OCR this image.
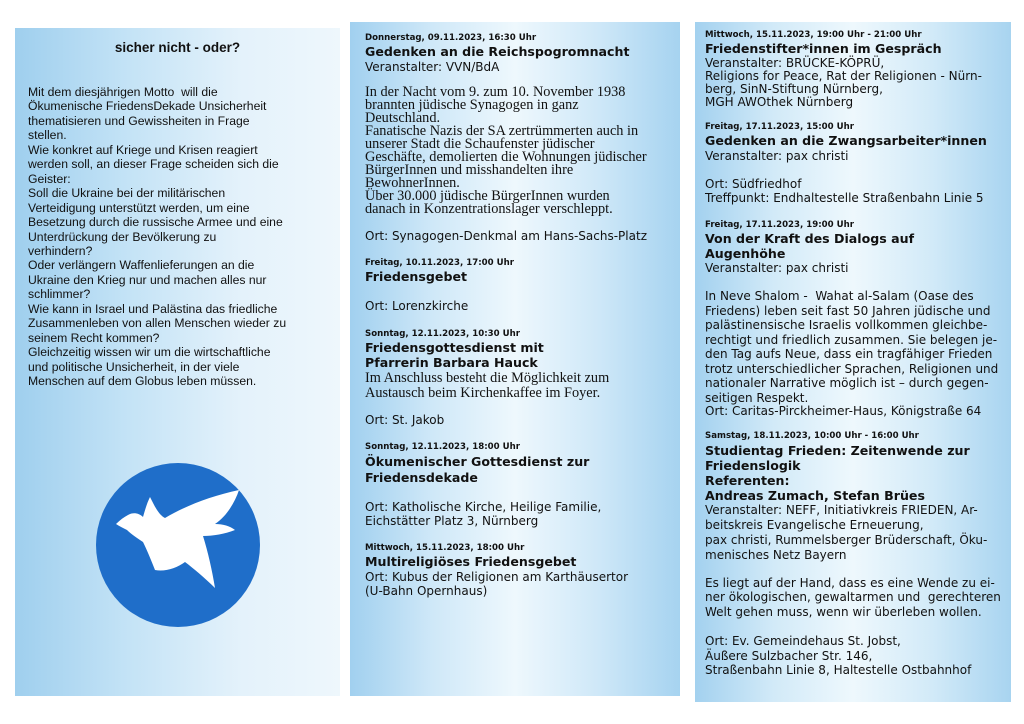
sicher nicht - oder?
Mit dem diesjährigen Motto  will die
Ökumenische FriedensDekade Unsicherheit
thematisieren und Gewissheiten in Frage
stellen.
Wie konkret auf Kriege und Krisen reagiert
werden soll, an dieser Frage scheiden sich die
Geister:
Soll die Ukraine bei der militärischen
Verteidigung unterstützt werden, um eine
Besetzung durch die russische Armee und eine
Unterdrückung der Bevölkerung zu
verhindern?
Oder verlängern Waffenlieferungen an die
Ukraine den Krieg nur und machen alles nur
schlimmer?
Wie kann in Israel und Palästina das friedliche
Zusammenleben von allen Menschen wieder zu
seinem Recht kommen?
Gleichzeitig wissen wir um die wirtschaftliche
und politische Unsicherheit, in der viele
Menschen auf dem Globus leben müssen.
Donnerstag, 09.11.2023, 16:30 Uhr
Gedenken an die Reichspogromnacht
Veranstalter: VVN/BdA
In der Nacht vom 9. zum 10. November 1938
brannten jüdische Synagogen in ganz
Deutschland.
Fanatische Nazis der SA zertrümmerten auch in
unserer Stadt die Schaufenster jüdischer
Geschäfte, demolierten die Wohnungen jüdischer
BürgerInnen und misshandelten ihre
BewohnerInnen.
Über 30.000 jüdische BürgerInnen wurden
danach in Konzentrationslager verschleppt.
Ort: Synagogen-Denkmal am Hans-Sachs-Platz
Freitag, 10.11.2023, 17:00 Uhr
Friedensgebet
Ort: Lorenzkirche
Sonntag, 12.11.2023, 10:30 Uhr
Friedensgottesdienst mit
Pfarrerin Barbara Hauck
Im Anschluss besteht die Möglichkeit zum
Austausch beim Kirchenkaffee im Foyer.
Ort: St. Jakob
Sonntag, 12.11.2023, 18:00 Uhr
Ökumenischer Gottesdienst zur
Friedensdekade
Ort: Katholische Kirche, Heilige Familie,
Eichstätter Platz 3, Nürnberg
Mittwoch, 15.11.2023, 18:00 Uhr
Multireligiöses Friedensgebet
Ort: Kubus der Religionen am Karthäusertor
(U-Bahn Opernhaus)
Mittwoch, 15.11.2023, 19:00 Uhr - 21:00 Uhr
Friedenstifter*innen im Gespräch
Veranstalter: BRÜCKE-KÖPRÜ,
Religions for Peace, Rat der Religionen - Nürn-
berg, SinN-Stiftung Nürnberg,
MGH AWOthek Nürnberg
Freitag, 17.11.2023, 15:00 Uhr
Gedenken an die Zwangsarbeiter*innen
Veranstalter: pax christi
Ort: Südfriedhof
Treffpunkt: Endhaltestelle Straßenbahn Linie 5
Freitag, 17.11.2023, 19:00 Uhr
Von der Kraft des Dialogs auf
Augenhöhe
Veranstalter: pax christi
In Neve Shalom -  Wahat al-Salam (Oase des
Friedens) leben seit fast 50 Jahren jüdische und
palästinensische Israelis vollkommen gleichbe-
rechtigt und friedlich zusammen. Sie belegen je-
den Tag aufs Neue, dass ein tragfähiger Frieden
trotz unterschiedlicher Sprachen, Religionen und
nationaler Narrative möglich ist – durch gegen-
seitigen Respekt.
Ort: Caritas-Pirckheimer-Haus, Königstraße 64
Samstag, 18.11.2023, 10:00 Uhr - 16:00 Uhr
Studientag Frieden: Zeitenwende zur
Friedenslogik
Referenten:
Andreas Zumach, Stefan Brües
Veranstalter: NEFF, Initiativkreis FRIEDEN, Ar-
beitskreis Evangelische Erneuerung,
pax christi, Rummelsberger Brüderschaft, Öku-
menisches Netz Bayern
Es liegt auf der Hand, dass es eine Wende zu ei-
ner ökologischen, gewaltarmen und  gerechteren
Welt gehen muss, wenn wir überleben wollen.
Ort: Ev. Gemeindehaus St. Jobst,
Äußere Sulzbacher Str. 146,
Straßenbahn Linie 8, Haltestelle Ostbahnhof
